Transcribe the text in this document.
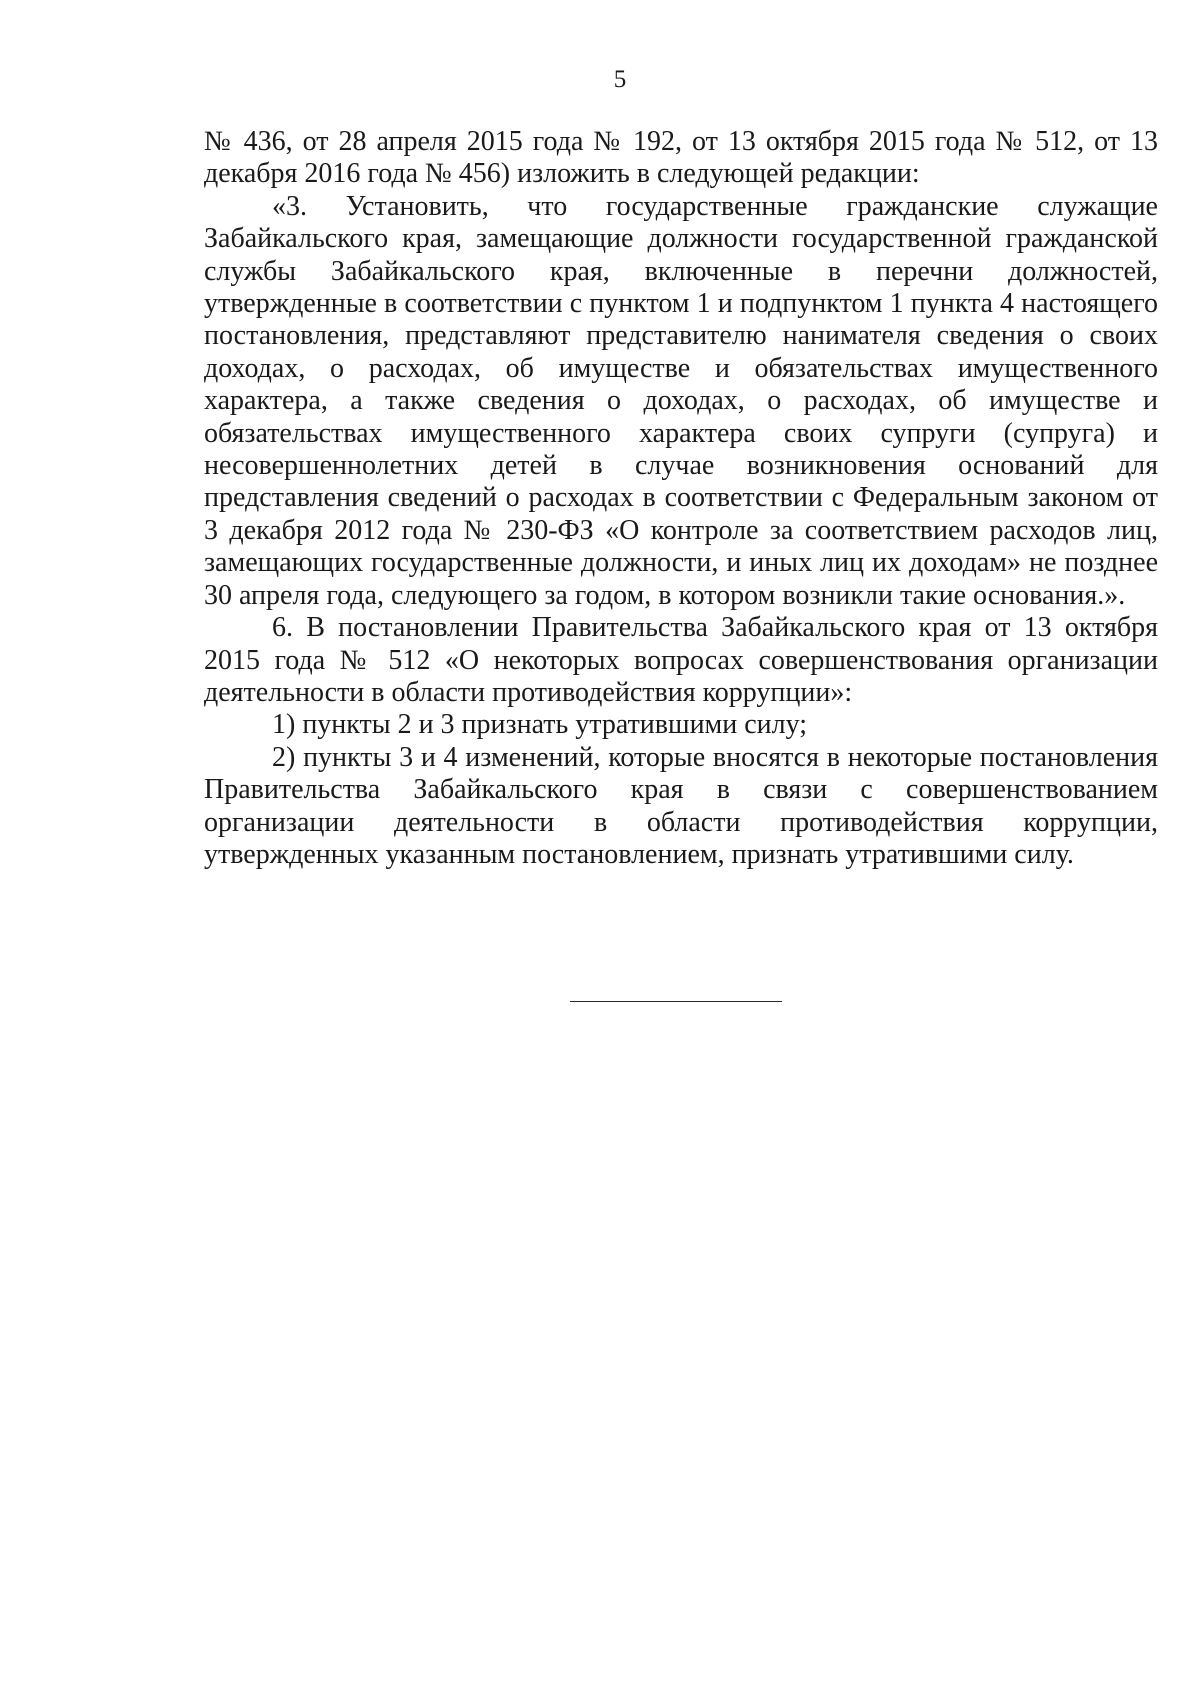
5

№ 436, от 28 апреля 2015 года № 192, от 13 октября 2015 года № 512, от 13 декабря 2016 года № 456) изложить в следующей редакции:

«3. Установить, что государственные гражданские служащие Забайкальского края, замещающие должности государственной гражданской службы Забайкальского края, включенные в перечни должностей, утвержденные в соответствии с пунктом 1 и подпунктом 1 пункта 4 настоящего постановления, представляют представителю нанимателя сведения о своих доходах, о расходах, об имуществе и обязательствах имущественного характера, а также сведения о доходах, о расходах, об имуществе и обязательствах имущественного характера своих супруги (супруга) и несовершеннолетних детей в случае возникновения оснований для представления сведений о расходах в соответствии с Федеральным законом от 3 декабря 2012 года № 230-ФЗ «О контроле за соответствием расходов лиц, замещающих государственные должности, и иных лиц их доходам» не позднее 30 апреля года, следующего за годом, в котором возникли такие основания.».

6. В постановлении Правительства Забайкальского края от 13 октября 2015 года № 512 «О некоторых вопросах совершенствования организации деятельности в области противодействия коррупции»:

1) пункты 2 и 3 признать утратившими силу;

2) пункты 3 и 4 изменений, которые вносятся в некоторые постановления Правительства Забайкальского края в связи с совершенствованием организации деятельности в области противодействия коррупции, утвержденных указанным постановлением, признать утратившими силу.
